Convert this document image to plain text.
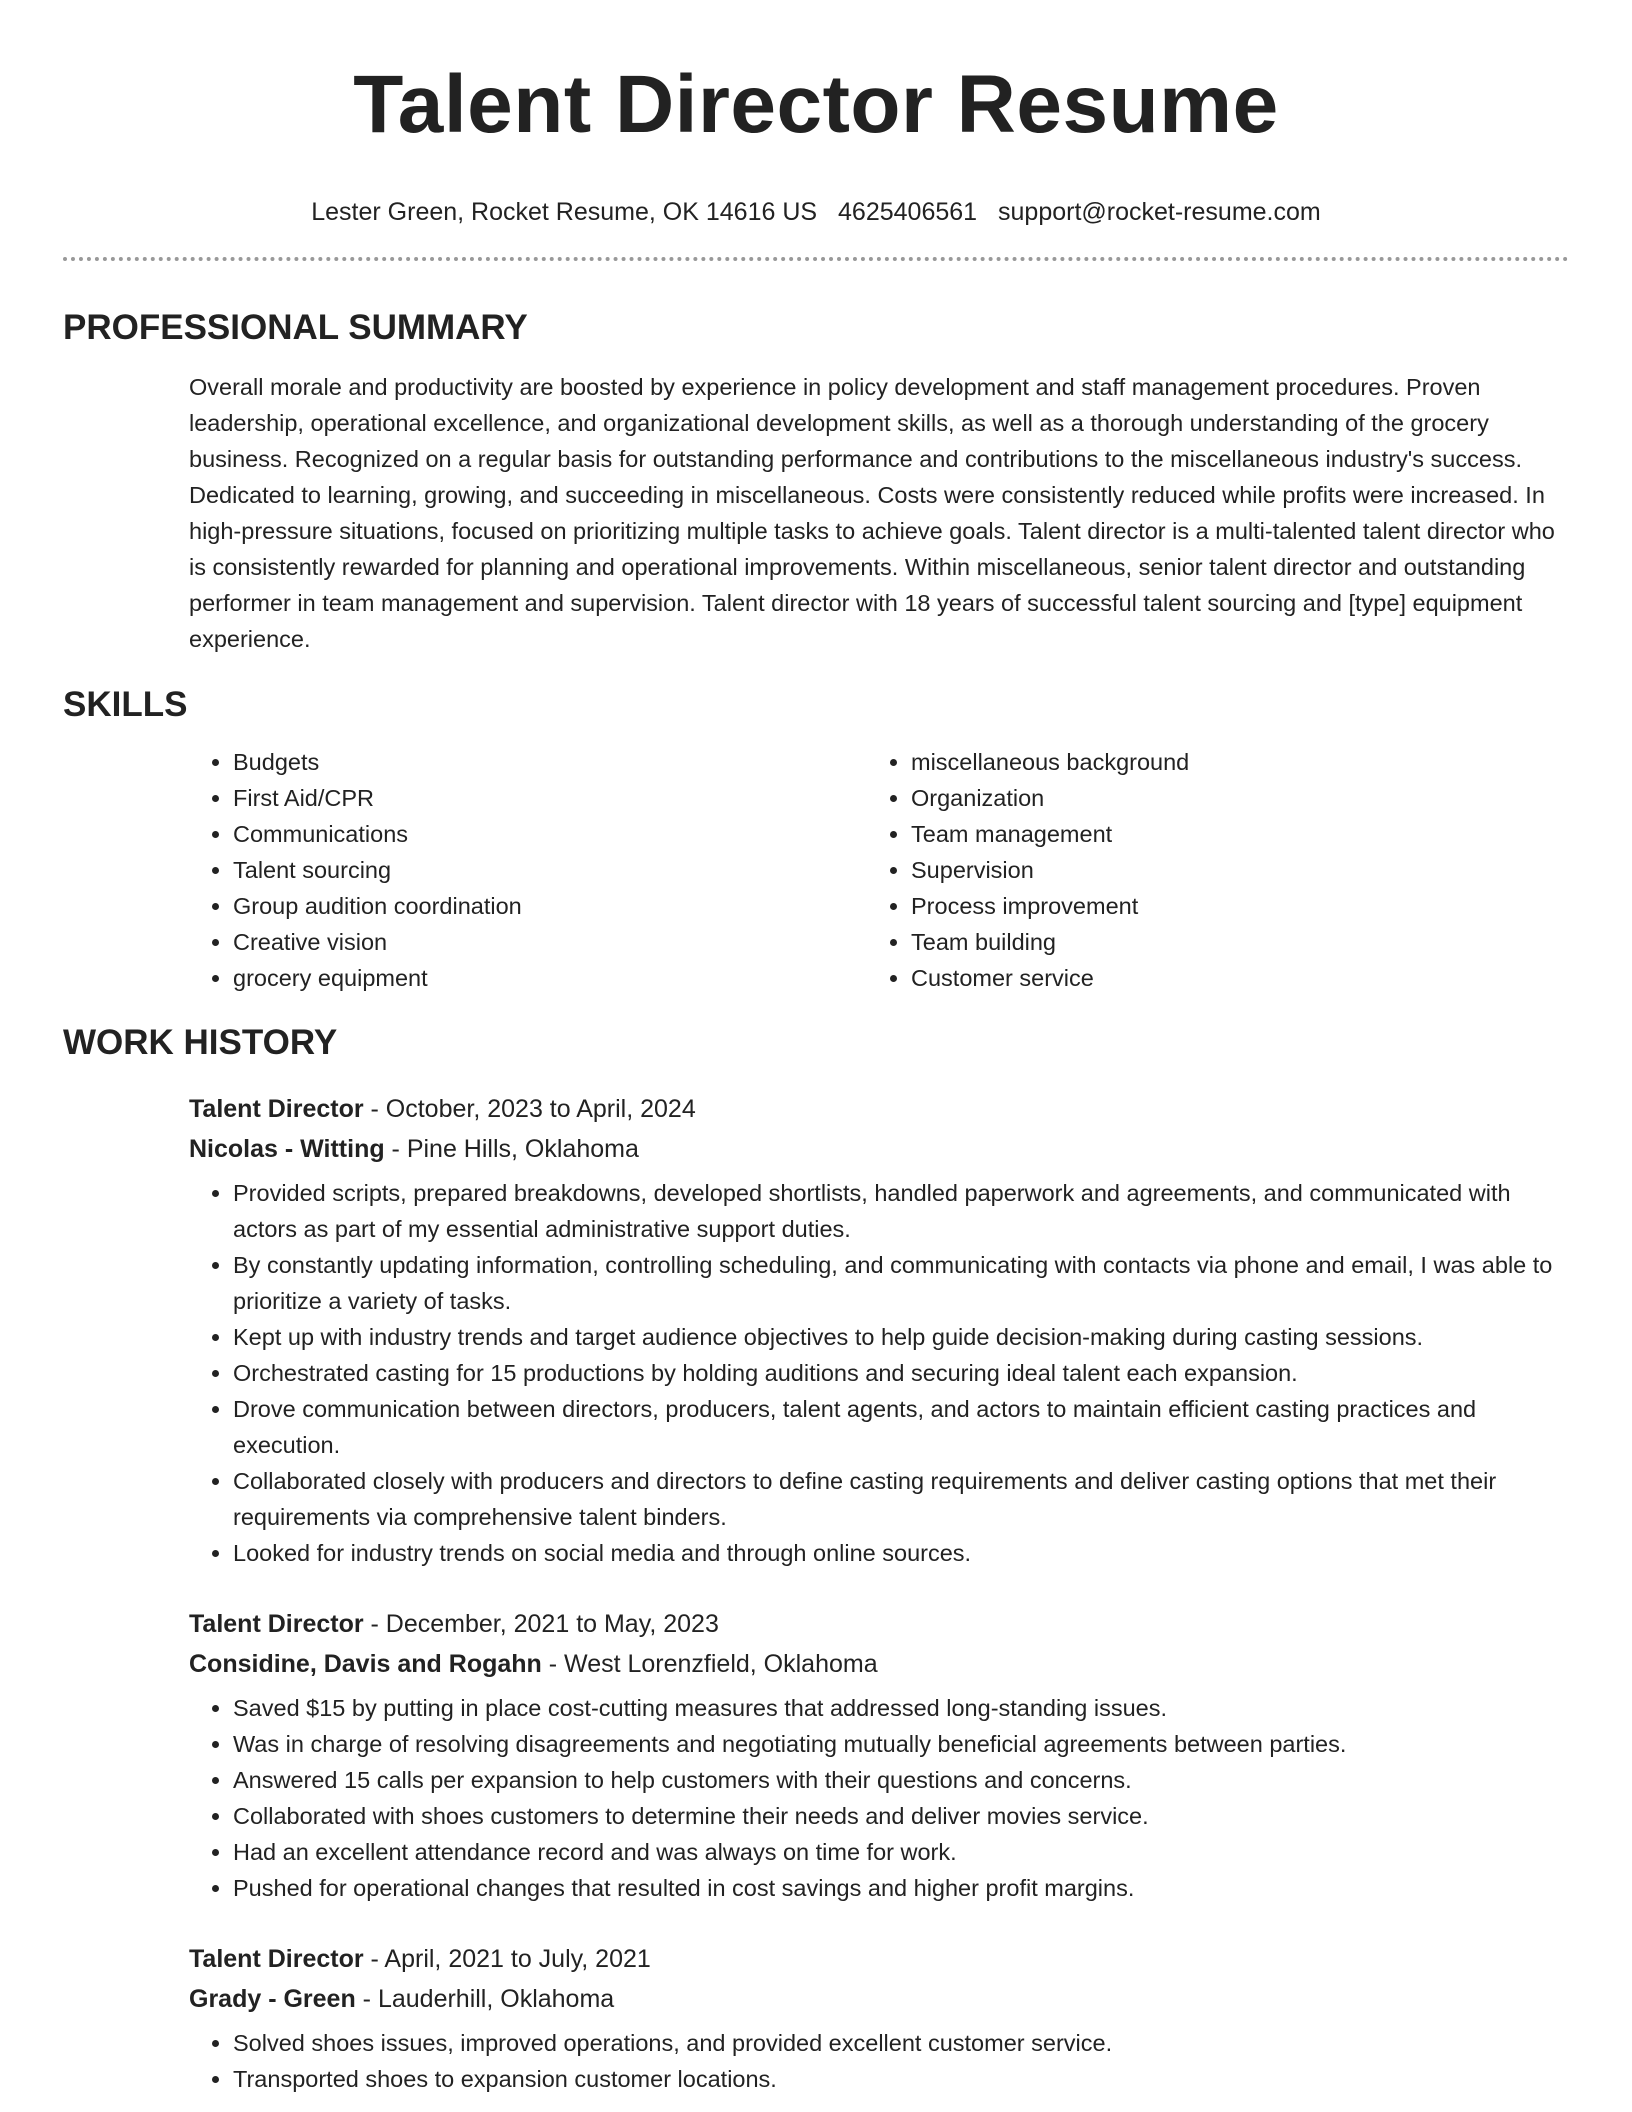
Talent Director Resume
Lester Green, Rocket Resume, OK 14616 US 4625406561 support@rocket-resume.com
PROFESSIONAL SUMMARY

Overall morale and productivity are boosted by experience in policy development and staff management procedures. Proven leadership, operational excellence, and organizational development skills, as well as a thorough understanding of the grocery business. Recognized on a regular basis for outstanding performance and contributions to the miscellaneous industry's success. Dedicated to learning, growing, and succeeding in miscellaneous. Costs were consistently reduced while profits were increased. In high-pressure situations, focused on prioritizing multiple tasks to achieve goals. Talent director is a multi-talented talent director who is consistently rewarded for planning and operational improvements. Within miscellaneous, senior talent director and outstanding performer in team management and supervision. Talent director with 18 years of successful talent sourcing and [type] equipment experience.

SKILLS
• Budgets
• First Aid/CPR
• Communications
• Talent sourcing
• Group audition coordination
• Creative vision
• grocery equipment
• miscellaneous background
• Organization
• Team management
• Supervision
• Process improvement
• Team building
• Customer service
WORK HISTORY
Talent Director - October, 2023 to April, 2024
Nicolas - Witting - Pine Hills, Oklahoma
• Provided scripts, prepared breakdowns, developed shortlists, handled paperwork and agreements, and communicated with actors as part of my essential administrative support duties.
• By constantly updating information, controlling scheduling, and communicating with contacts via phone and email, I was able to prioritize a variety of tasks.
• Kept up with industry trends and target audience objectives to help guide decision-making during casting sessions.
• Orchestrated casting for 15 productions by holding auditions and securing ideal talent each expansion.
• Drove communication between directors, producers, talent agents, and actors to maintain efficient casting practices and execution.
• Collaborated closely with producers and directors to define casting requirements and deliver casting options that met their requirements via comprehensive talent binders.
• Looked for industry trends on social media and through online sources.
Talent Director - December, 2021 to May, 2023
Considine, Davis and Rogahn - West Lorenzfield, Oklahoma
• Saved $15 by putting in place cost-cutting measures that addressed long-standing issues.
• Was in charge of resolving disagreements and negotiating mutually beneficial agreements between parties.
• Answered 15 calls per expansion to help customers with their questions and concerns.
• Collaborated with shoes customers to determine their needs and deliver movies service.
• Had an excellent attendance record and was always on time for work.
• Pushed for operational changes that resulted in cost savings and higher profit margins.
Talent Director - April, 2021 to July, 2021
Grady - Green - Lauderhill, Oklahoma
• Solved shoes issues, improved operations, and provided excellent customer service.
• Transported shoes to expansion customer locations.
